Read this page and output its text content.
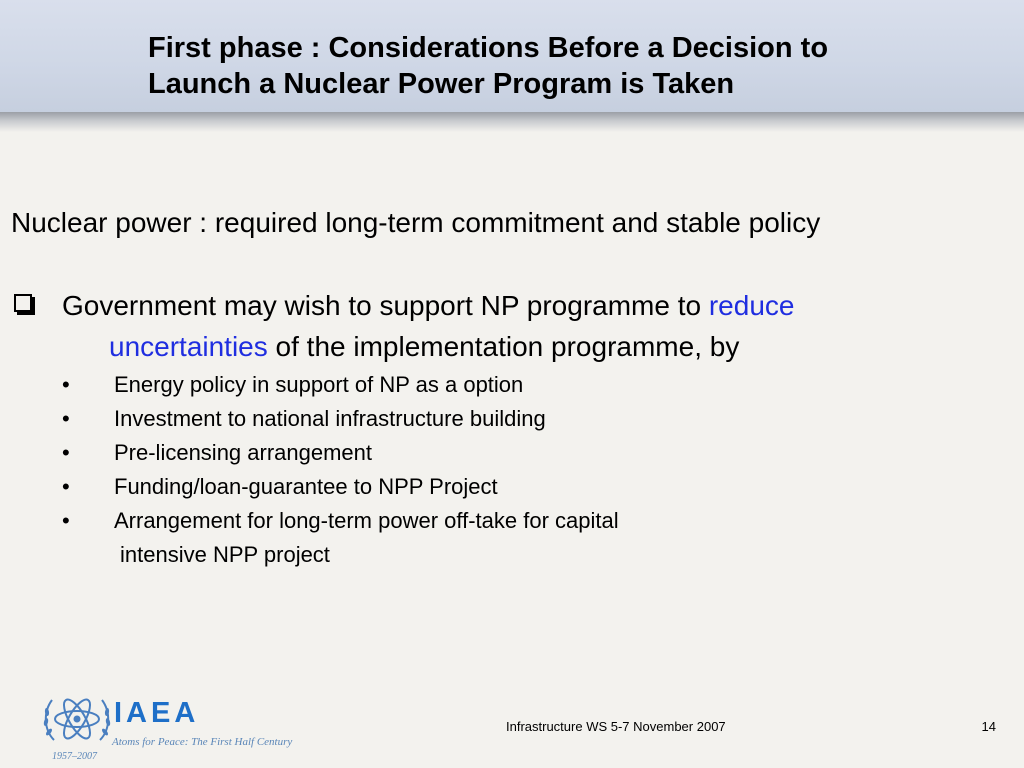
First phase : Considerations Before a Decision to
Launch a Nuclear Power Program is Taken
Nuclear power : required long-term commitment and stable policy
Government may wish to support NP programme to reduce
uncertainties of the implementation programme, by
• Energy policy in support of NP as a option
• Investment to national infrastructure building
• Pre-licensing arrangement
• Funding/loan-guarantee to NPP Project
• Arrangement for long-term power off-take for capital
intensive NPP project
IAEA
Atoms for Peace: The First Half Century
1957–2007
Infrastructure WS 5-7 November 2007	14
